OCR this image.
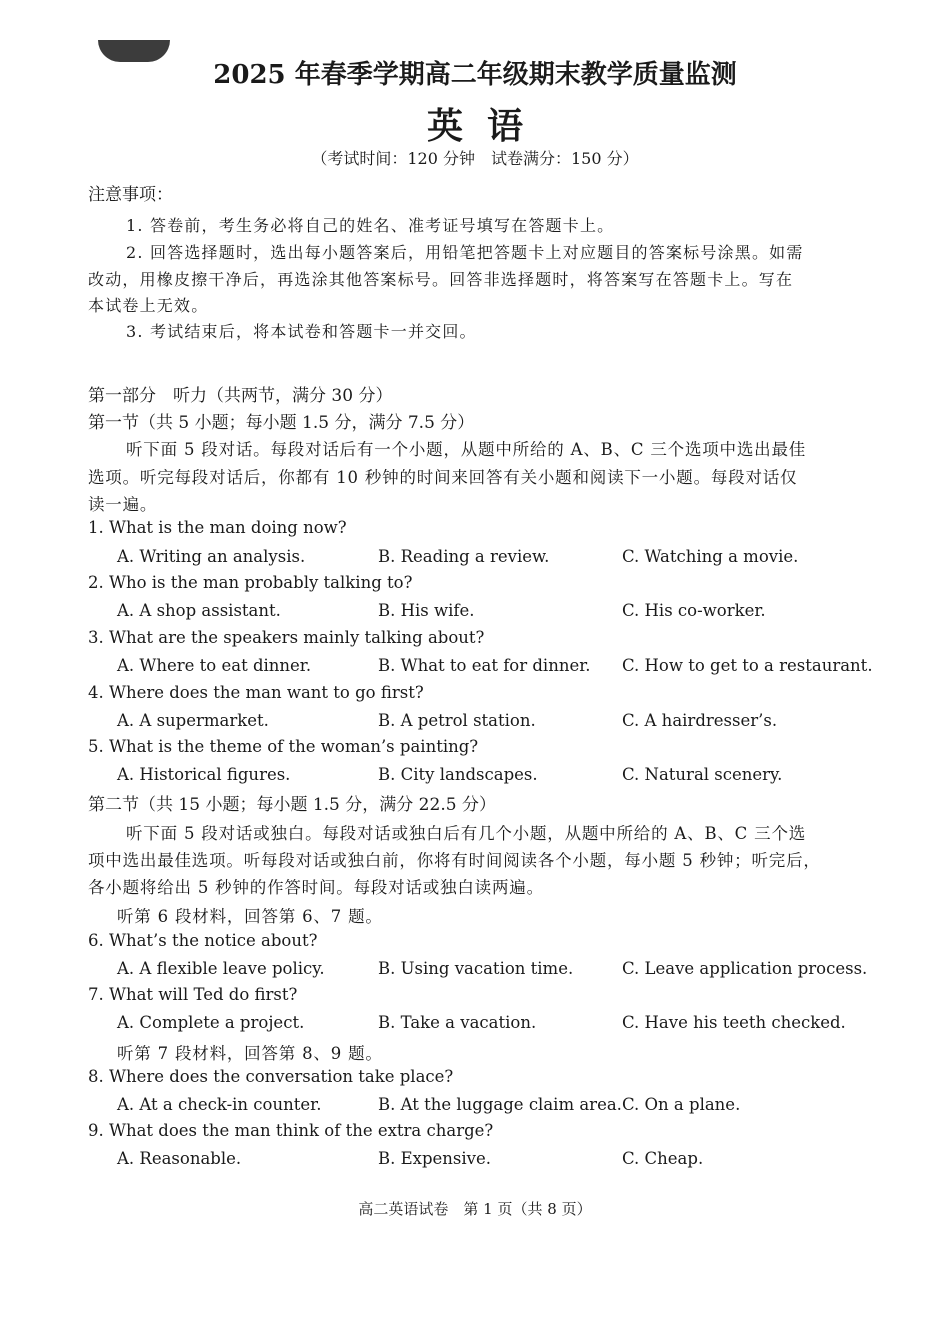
2025 年春季学期高二年级期末教学质量监测
英语
（考试时间：120 分钟　试卷满分：150 分）
注意事项：
1. 答卷前，考生务必将自己的姓名、准考证号填写在答题卡上。
2. 回答选择题时，选出每小题答案后，用铅笔把答题卡上对应题目的答案标号涂黑。如需
改动，用橡皮擦干净后，再选涂其他答案标号。回答非选择题时，将答案写在答题卡上。写在
本试卷上无效。
3. 考试结束后，将本试卷和答题卡一并交回。
第一部分　听力（共两节，满分 30 分）
第一节（共 5 小题；每小题 1.5 分，满分 7.5 分）
听下面 5 段对话。每段对话后有一个小题，从题中所给的 A、B、C 三个选项中选出最佳
选项。听完每段对话后，你都有 10 秒钟的时间来回答有关小题和阅读下一小题。每段对话仅
读一遍。
1. What is the man doing now?
A. Writing an analysis.	B. Reading a review.	C. Watching a movie.
2. Who is the man probably talking to?
A. A shop assistant.	B. His wife.	C. His co-worker.
3. What are the speakers mainly talking about?
A. Where to eat dinner.	B. What to eat for dinner. C. How to get to a restaurant.
4. Where does the man want to go first?
A. A supermarket.	B. A petrol station.	C. A hairdresser’s.
5. What is the theme of the woman’s painting?
A. Historical figures.	B. City landscapes.	C. Natural scenery.
第二节（共 15 小题；每小题 1.5 分，满分 22.5 分）
听下面 5 段对话或独白。每段对话或独白后有几个小题，从题中所给的 A、B、C 三个选
项中选出最佳选项。听每段对话或独白前，你将有时间阅读各个小题，每小题 5 秒钟；听完后，
各小题将给出 5 秒钟的作答时间。每段对话或独白读两遍。
听第 6 段材料，回答第 6、7 题。
6. What’s the notice about?
A. A flexible leave policy.	B. Using vacation time.	C. Leave application process.
7. What will Ted do first?
A. Complete a project.	B. Take a vacation.	C. Have his teeth checked.
听第 7 段材料，回答第 8、9 题。
8. Where does the conversation take place?
A. At a check-in counter.	B. At the luggage claim area. C. On a plane.
9. What does the man think of the extra charge?
A. Reasonable.	B. Expensive.	C. Cheap.
高二英语试卷　第 1 页（共 8 页）
